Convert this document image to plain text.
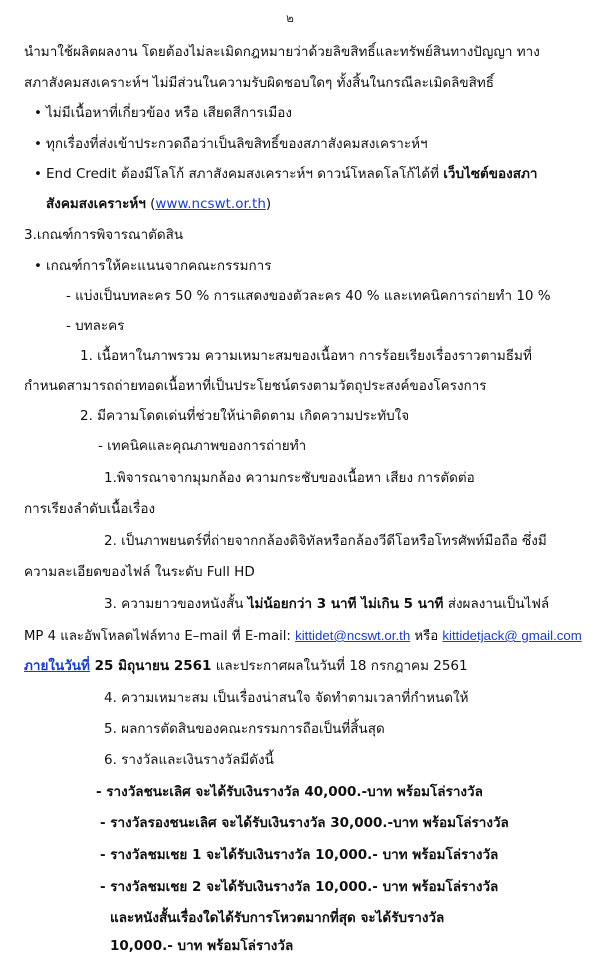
๒
นำมาใช้ผลิตผลงาน โดยต้องไม่ละเมิดกฎหมายว่าด้วยลิขสิทธิ์และทรัพย์สินทางปัญญา ทาง
สภาสังคมสงเคราะห์ฯ ไม่มีส่วนในความรับผิดชอบใดๆ ทั้งสิ้นในกรณีละเมิดลิขสิทธิ์
• ไม่มีเนื้อหาที่เกี่ยวข้อง หรือ เสียดสีการเมือง
• ทุกเรื่องที่ส่งเข้าประกวดถือว่าเป็นลิขสิทธิ์ของสภาสังคมสงเคราะห์ฯ
• End Credit ต้องมีโลโก้ สภาสังคมสงเคราะห์ฯ ดาวน์โหลดโลโก้ได้ที่ เว็บไซต์ของสภา
สังคมสงเคราะห์ฯ (www.ncswt.or.th)
3.เกณฑ์การพิจารณาตัดสิน
• เกณฑ์การให้คะแนนจากคณะกรรมการ
- แบ่งเป็นบทละคร 50 % การแสดงของตัวละคร 40 % และเทคนิคการถ่ายทำ 10 %
- บทละคร
1. เนื้อหาในภาพรวม ความเหมาะสมของเนื้อหา การร้อยเรียงเรื่องราวตามธีมที่
กำหนดสามารถถ่ายทอดเนื้อหาที่เป็นประโยชน์ตรงตามวัตถุประสงค์ของโครงการ
2. มีความโดดเด่นที่ช่วยให้น่าติดตาม เกิดความประทับใจ
- เทคนิคและคุณภาพของการถ่ายทำ
1.พิจารณาจากมุมกล้อง ความกระชับของเนื้อหา เสียง การตัดต่อ
การเรียงลำดับเนื้อเรื่อง
2. เป็นภาพยนตร์ที่ถ่ายจากกล้องดิจิทัลหรือกล้องวีดีโอหรือโทรศัพท์มือถือ ซึ่งมี
ความละเอียดของไฟล์ ในระดับ Full HD
3. ความยาวของหนังสั้น ไม่น้อยกว่า 3 นาที ไม่เกิน 5 นาที ส่งผลงานเป็นไฟล์
MP 4 และอัพโหลดไฟล์ทาง E–mail ที่ E-mail: kittidet@ncswt.or.th หรือ kittidetjack@ gmail.com
ภายในวันที่ 25 มิถุนายน 2561 และประกาศผลในวันที่ 18 กรกฎาคม 2561
4. ความเหมาะสม เป็นเรื่องน่าสนใจ จัดทำตามเวลาที่กำหนดให้
5. ผลการตัดสินของคณะกรรมการถือเป็นที่สิ้นสุด
6. รางวัลและเงินรางวัลมีดังนี้
- รางวัลชนะเลิศ จะได้รับเงินรางวัล 40,000.-บาท พร้อมโล่รางวัล
- รางวัลรองชนะเลิศ จะได้รับเงินรางวัล 30,000.-บาท พร้อมโล่รางวัล
- รางวัลชมเชย 1 จะได้รับเงินรางวัล 10,000.- บาท พร้อมโล่รางวัล
- รางวัลชมเชย 2 จะได้รับเงินรางวัล 10,000.- บาท พร้อมโล่รางวัล
และหนังสั้นเรื่องใดได้รับการโหวตมากที่สุด จะได้รับรางวัล
10,000.- บาท พร้อมโล่รางวัล
